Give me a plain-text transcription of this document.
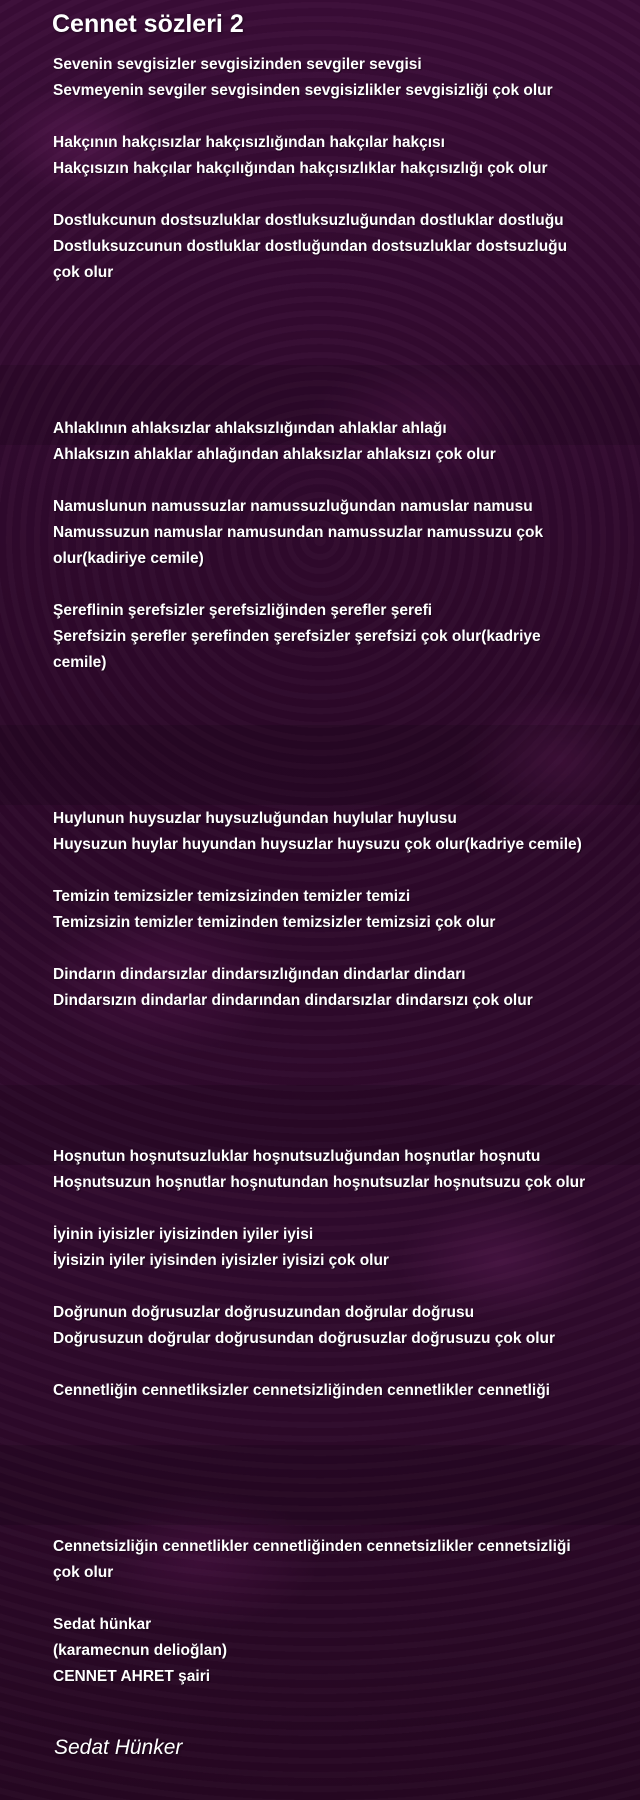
Cennet sözleri 2
Sevenin sevgisizler sevgisizinden sevgiler sevgisi
Sevmeyenin sevgiler sevgisinden sevgisizlikler sevgisizliği çok olur
Hakçının hakçısızlar hakçısızlığından hakçılar hakçısı
Hakçısızın hakçılar hakçılığından hakçısızlıklar hakçısızlığı çok olur
Dostlukcunun dostsuzluklar dostluksuzluğundan dostluklar dostluğu
Dostluksuzcunun dostluklar dostluğundan dostsuzluklar dostsuzluğu çok olur
Ahlaklının ahlaksızlar ahlaksızlığından ahlaklar ahlağı
Ahlaksızın ahlaklar ahlağından ahlaksızlar ahlaksızı çok olur
Namuslunun namussuzlar namussuzluğundan namuslar namusu
Namussuzun namuslar namusundan namussuzlar namussuzu çok olur(kadiriye cemile)
Şereflinin şerefsizler şerefsizliğinden şerefler şerefi
Şerefsizin şerefler şerefinden şerefsizler şerefsizi çok olur(kadriye cemile)
Huylunun huysuzlar huysuzluğundan huylular huylusu
Huysuzun huylar huyundan huysuzlar huysuzu çok olur(kadriye cemile)
Temizin temizsizler temizsizinden temizler temizi
Temizsizin temizler temizinden temizsizler temizsizi çok olur
Dindarın dindarsızlar dindarsızlığından dindarlar dindarı
Dindarsızın dindarlar dindarından dindarsızlar dindarsızı çok olur
Hoşnutun hoşnutsuzluklar hoşnutsuzluğundan hoşnutlar hoşnutu
Hoşnutsuzun hoşnutlar hoşnutundan hoşnutsuzlar hoşnutsuzu çok olur
İyinin iyisizler iyisizinden iyiler iyisi
İyisizin iyiler iyisinden iyisizler iyisizi çok olur
Doğrunun doğrusuzlar doğrusuzundan doğrular doğrusu
Doğrusuzun doğrular doğrusundan doğrusuzlar doğrusuzu çok olur
Cennetliğin cennetliksizler cennetsizliğinden cennetlikler cennetliği
Cennetsizliğin cennetlikler cennetliğinden cennetsizlikler cennetsizliği çok olur
Sedat hünkar
(karamecnun delioğlan)
CENNET AHRET şairi
Sedat Hünker
